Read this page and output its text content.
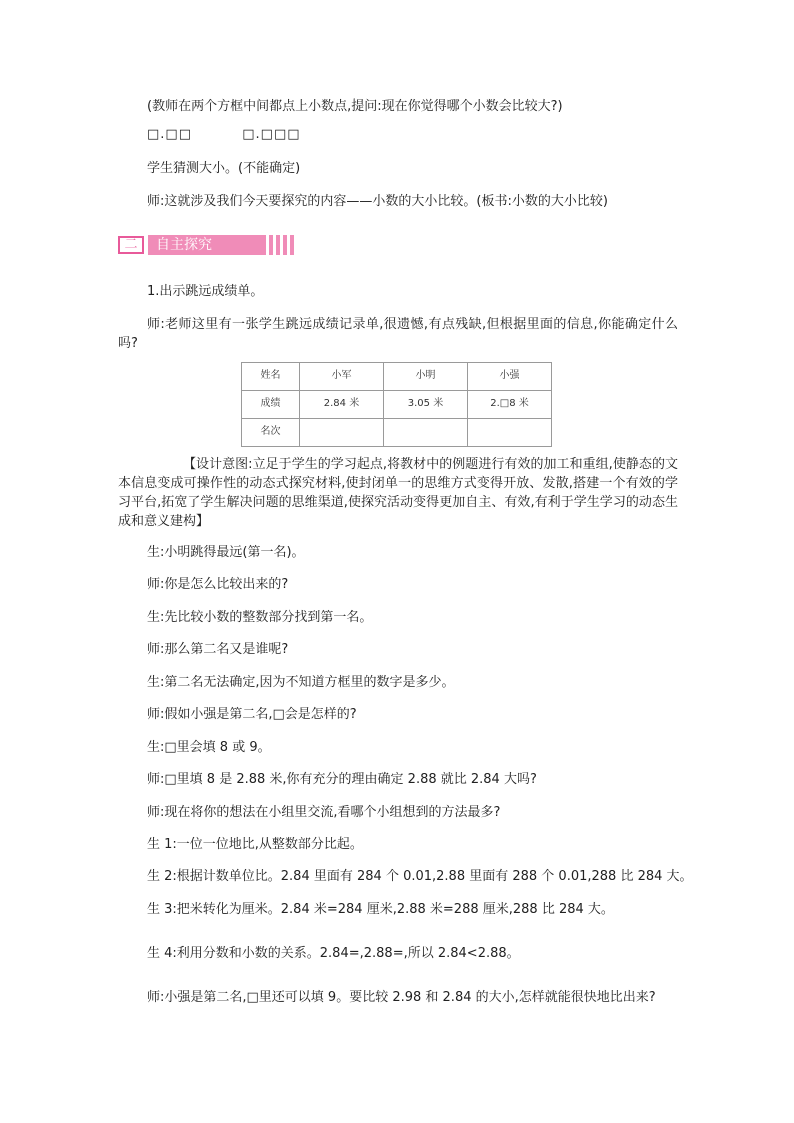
(教师在两个方框中间都点上小数点,提问:现在你觉得哪个小数会比较大?)
□.□□	□.□□□
学生猜测大小。(不能确定)
师:这就涉及我们今天要探究的内容——小数的大小比较。(板书:小数的大小比较)
二	自主探究
1.出示跳远成绩单。

师:老师这里有一张学生跳远成绩记录单,很遗憾,有点残缺,但根据里面的信息,你能确定什么吗?

姓名	小军	小明	小强
成绩	2.84 米	3.05 米	2.□8 米
名次			

【设计意图:立足于学生的学习起点,将教材中的例题进行有效的加工和重组,使静态的文本信息变成可操作性的动态式探究材料,使封闭单一的思维方式变得开放、发散,搭建一个有效的学习平台,拓宽了学生解决问题的思维渠道,使探究活动变得更加自主、有效,有利于学生学习的动态生成和意义建构】

生:小明跳得最远(第一名)。
师:你是怎么比较出来的?
生:先比较小数的整数部分找到第一名。
师:那么第二名又是谁呢?
生:第二名无法确定,因为不知道方框里的数字是多少。
师:假如小强是第二名,□会是怎样的?
生:□里会填 8 或 9。
师:□里填 8 是 2.88 米,你有充分的理由确定 2.88 就比 2.84 大吗?
师:现在将你的想法在小组里交流,看哪个小组想到的方法最多?
生 1:一位一位地比,从整数部分比起。
生 2:根据计数单位比。2.84 里面有 284 个 0.01,2.88 里面有 288 个 0.01,288 比 284 大。
生 3:把米转化为厘米。2.84 米=284 厘米,2.88 米=288 厘米,288 比 284 大。
生 4:利用分数和小数的关系。2.84=,2.88=,所以 2.84<2.88。
师:小强是第二名,□里还可以填 9。要比较 2.98 和 2.84 的大小,怎样就能很快地比出来?
